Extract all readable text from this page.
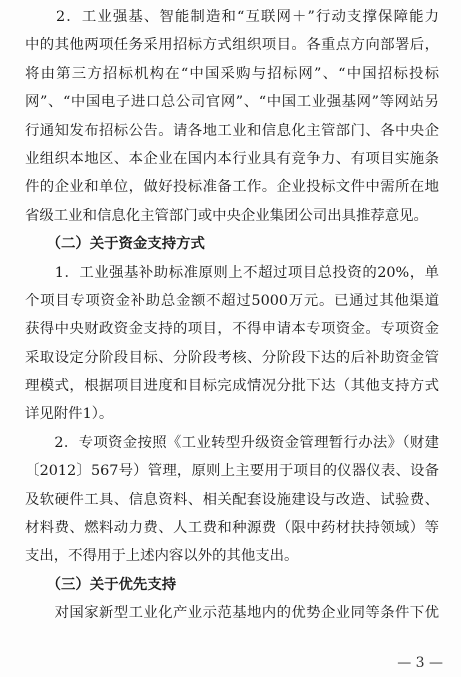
　　2．工业强基、智能制造和“互联网＋”行动支撑保障能力
中的其他两项任务采用招标方式组织项目。各重点方向部署后，
将由第三方招标机构在“中国采购与招标网”、“中国招标投标
网”、“中国电子进口总公司官网”、“中国工业强基网”等网站另
行通知发布招标公告。请各地工业和信息化主管部门、各中央企
业组织本地区、本企业在国内本行业具有竞争力、有项目实施条
件的企业和单位，做好投标准备工作。企业投标文件中需所在地
省级工业和信息化主管部门或中央企业集团公司出具推荐意见。
　　（二）关于资金支持方式
　　1．工业强基补助标准原则上不超过项目总投资的20%，单
个项目专项资金补助总金额不超过5000万元。已通过其他渠道
获得中央财政资金支持的项目，不得申请本专项资金。专项资金
采取设定分阶段目标、分阶段考核、分阶段下达的后补助资金管
理模式，根据项目进度和目标完成情况分批下达（其他支持方式
详见附件1）。
　　2．专项资金按照《工业转型升级资金管理暂行办法》（财建
〔2012〕567号）管理，原则上主要用于项目的仪器仪表、设备
及软硬件工具、信息资料、相关配套设施建设与改造、试验费、
材料费、燃料动力费、人工费和种源费（限中药材扶持领域）等
支出，不得用于上述内容以外的其他支出。
　　（三）关于优先支持
　　对国家新型工业化产业示范基地内的优势企业同等条件下优
— 3 —
